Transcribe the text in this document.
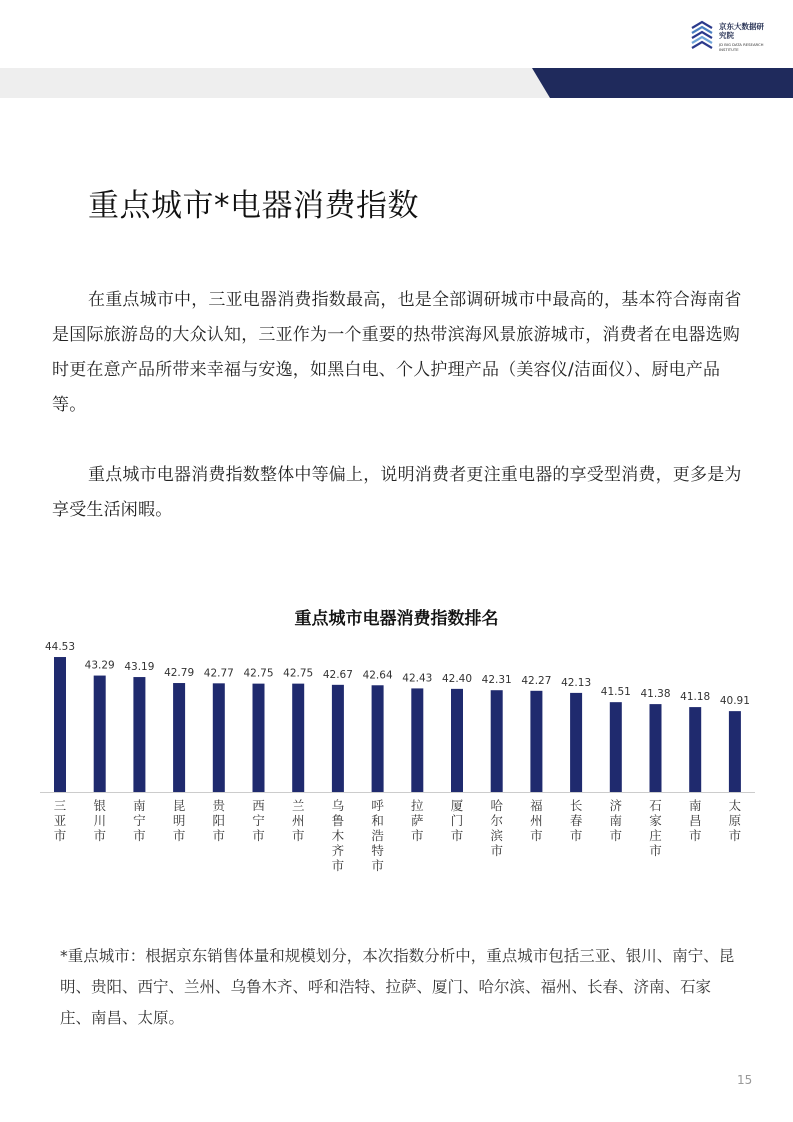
京东大数据研究院
JD BIG DATA RESEARCH INSTITUTE
重点城市*电器消费指数

在重点城市中，三亚电器消费指数最高，也是全部调研城市中最高的，基本符合海南省是国际旅游岛的大众认知，三亚作为一个重要的热带滨海风景旅游城市，消费者在电器选购时更在意产品所带来幸福与安逸，如黑白电、个人护理产品（美容仪/洁面仪）、厨电产品等。

重点城市电器消费指数整体中等偏上，说明消费者更注重电器的享受型消费，更多是为享受生活闲暇。

重点城市电器消费指数排名
44.53
三亚市
43.29
银川市
43.19
南宁市
42.79
昆明市
42.77
贵阳市
42.75
西宁市
42.75
兰州市
42.67
乌鲁木齐市
42.64
呼和浩特市
42.43
拉萨市
42.40
厦门市
42.31
哈尔滨市
42.27
福州市
42.13
长春市
41.51
济南市
41.38
石家庄市
41.18
南昌市
40.91
太原市

*重点城市：根据京东销售体量和规模划分，本次指数分析中，重点城市包括三亚、银川、南宁、昆明、贵阳、西宁、兰州、乌鲁木齐、呼和浩特、拉萨、厦门、哈尔滨、福州、长春、济南、石家庄、南昌、太原。

15
